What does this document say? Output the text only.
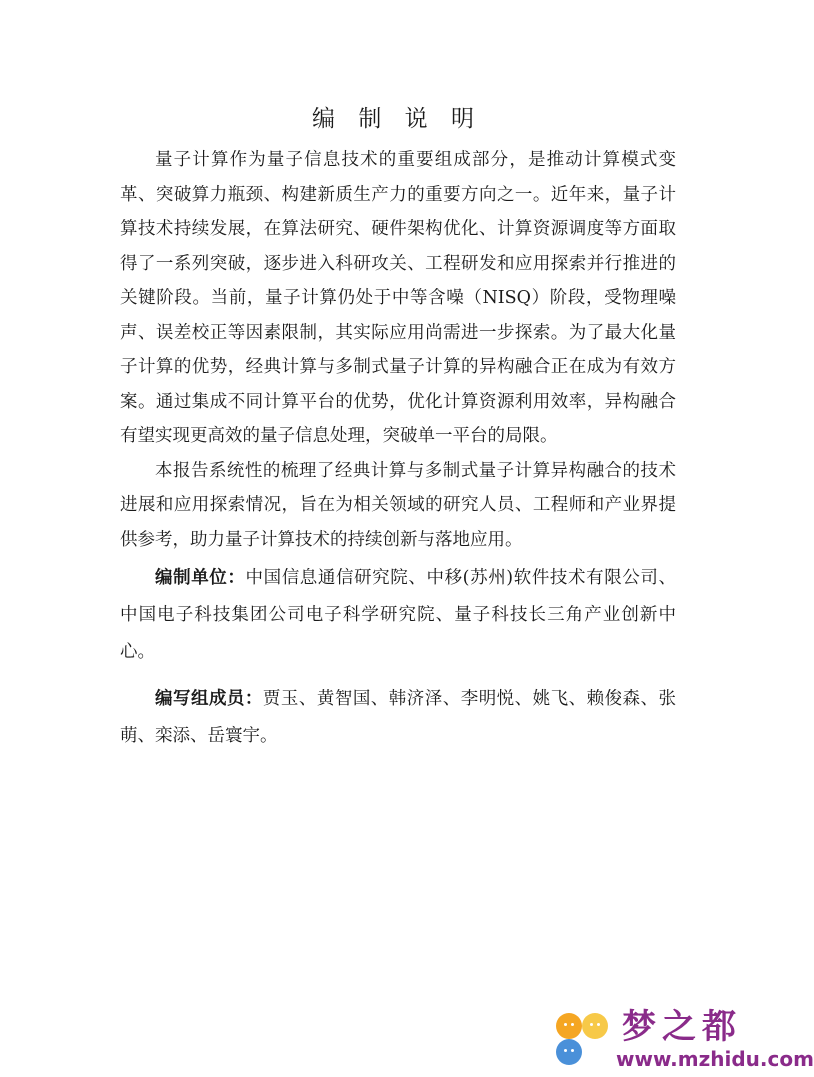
编 制 说 明

量子计算作为量子信息技术的重要组成部分，是推动计算模式变革、突破算力瓶颈、构建新质生产力的重要方向之一。近年来，量子计算技术持续发展，在算法研究、硬件架构优化、计算资源调度等方面取得了一系列突破，逐步进入科研攻关、工程研发和应用探索并行推进的关键阶段。当前，量子计算仍处于中等含噪（NISQ）阶段，受物理噪声、误差校正等因素限制，其实际应用尚需进一步探索。为了最大化量子计算的优势，经典计算与多制式量子计算的异构融合正在成为有效方案。通过集成不同计算平台的优势，优化计算资源利用效率，异构融合有望实现更高效的量子信息处理，突破单一平台的局限。

本报告系统性的梳理了经典计算与多制式量子计算异构融合的技术进展和应用探索情况，旨在为相关领域的研究人员、工程师和产业界提供参考，助力量子计算技术的持续创新与落地应用。

编制单位：中国信息通信研究院、中移(苏州)软件技术有限公司、中国电子科技集团公司电子科学研究院、量子科技长三角产业创新中心。

编写组成员：贾玉、黄智国、韩济泽、李明悦、姚飞、赖俊森、张萌、栾添、岳寰宇。

梦之都
www.mzhidu.com
